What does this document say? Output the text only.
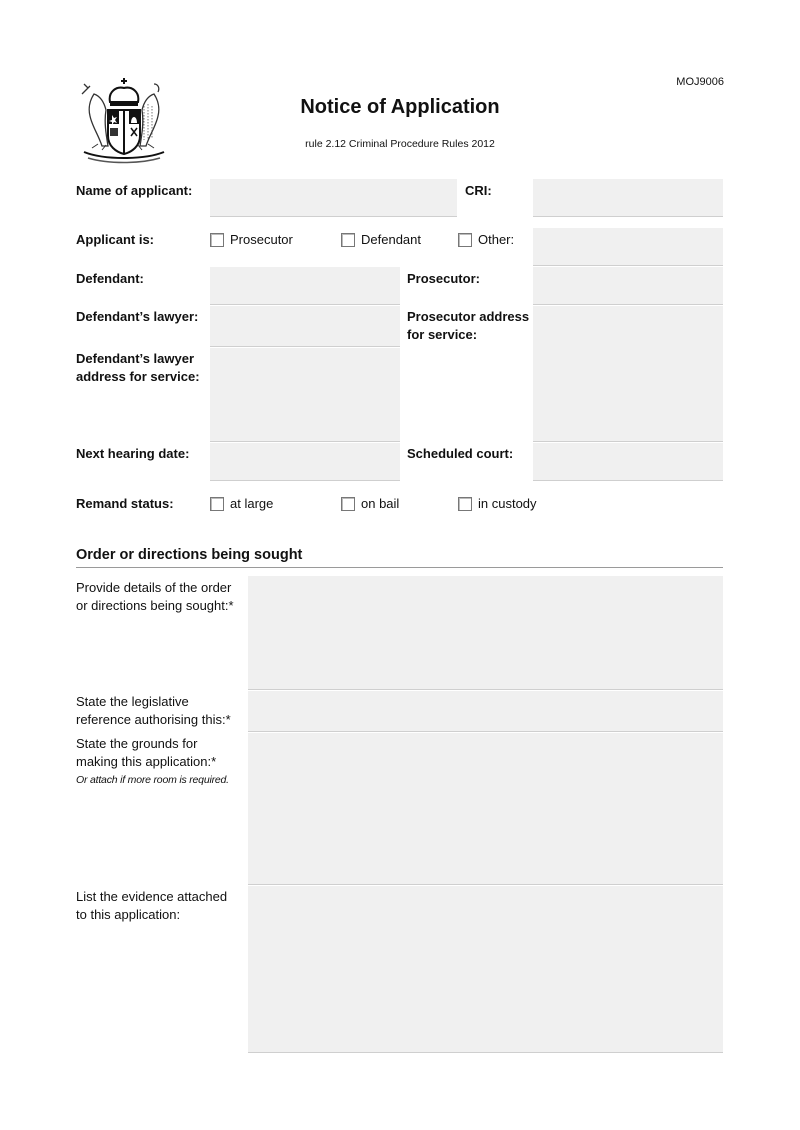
MOJ9006
Notice of Application
rule 2.12 Criminal Procedure Rules 2012
Name of applicant:	CRI:
Applicant is:	Prosecutor	Defendant	Other:
Defendant:	Prosecutor:
Defendant’s lawyer:	Prosecutor address
for service:
Defendant’s lawyer
address for service:
Next hearing date:	Scheduled court:
Remand status:	at large	on bail	in custody
Order or directions being sought
Provide details of the order
or directions being sought:*
State the legislative
reference authorising this:*
State the grounds for
making this application:*
Or attach if more room is required.
List the evidence attached
to this application:
